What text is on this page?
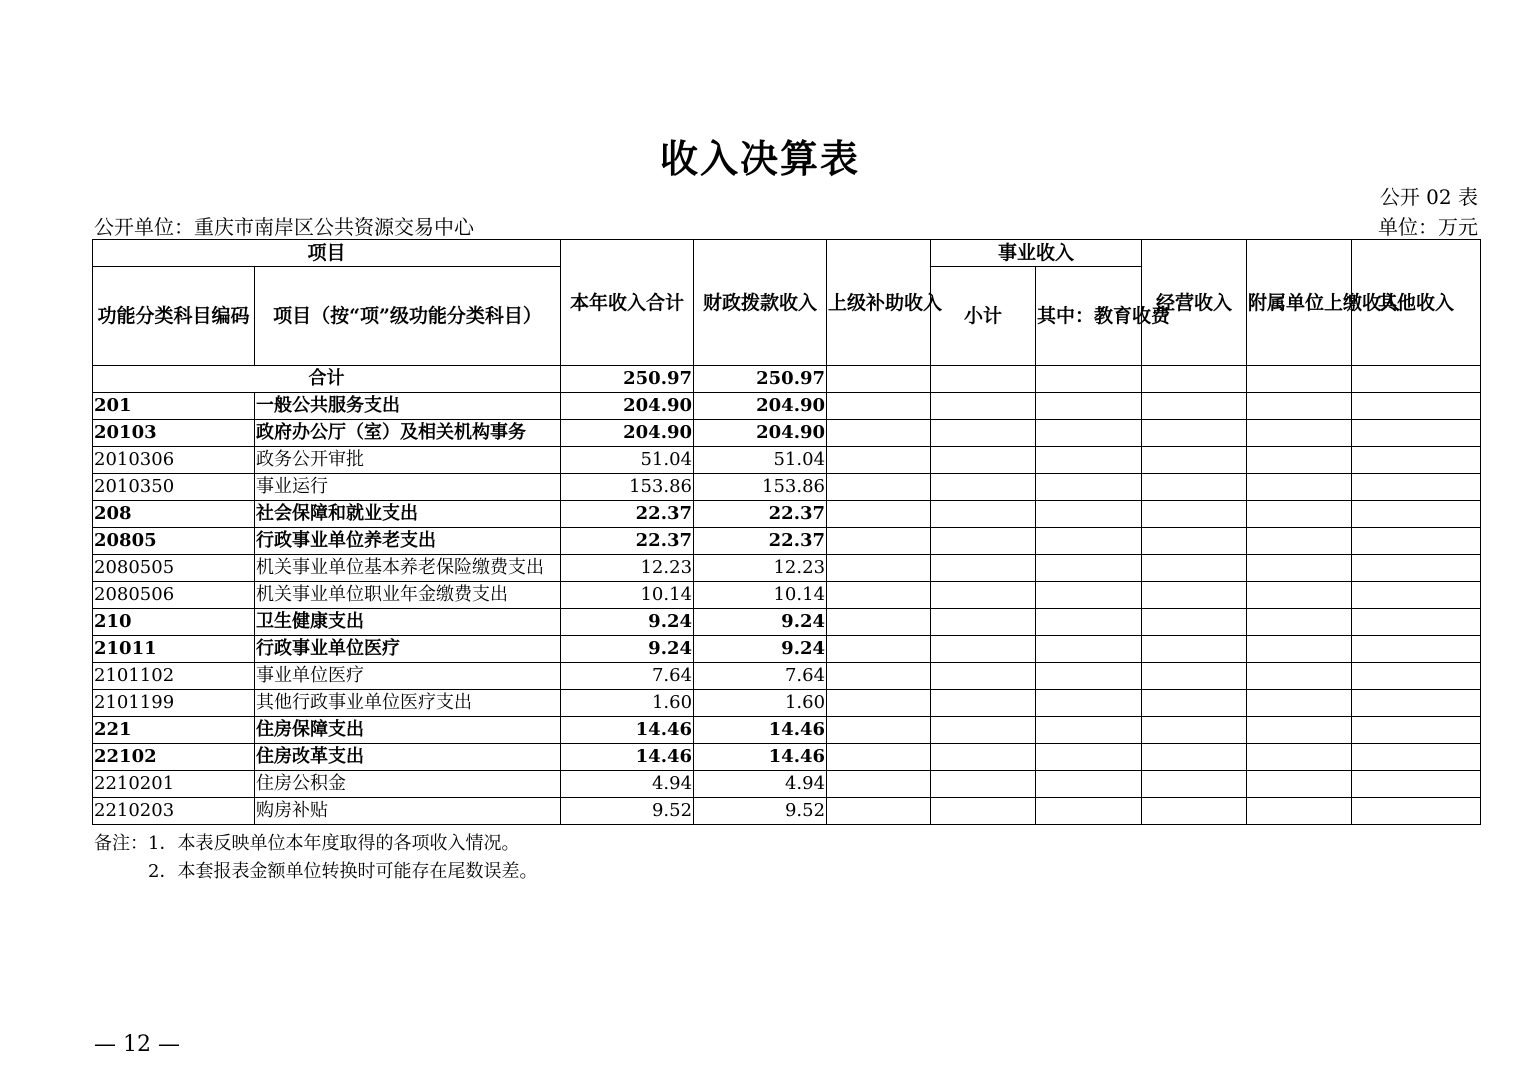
收入决算表
公开 02 表
公开单位：重庆市南岸区公共资源交易中心	单位：万元
项目		本年收入合计	财政拨款收入	上级补助收入	事业收入		经营收入	附属单位上缴收入	其他收入
功能分类科目编码	项目（按“项”级功能分类科目）				小计	其中：教育收费			
合计		250.97	250.97						
201	一般公共服务支出	204.90	204.90						
20103	政府办公厅（室）及相关机构事务	204.90	204.90						
2010306	政务公开审批	51.04	51.04						
2010350	事业运行	153.86	153.86						
208	社会保障和就业支出	22.37	22.37						
20805	行政事业单位养老支出	22.37	22.37						
2080505	机关事业单位基本养老保险缴费支出	12.23	12.23						
2080506	机关事业单位职业年金缴费支出	10.14	10.14						
210	卫生健康支出	9.24	9.24						
21011	行政事业单位医疗	9.24	9.24						
2101102	事业单位医疗	7.64	7.64						
2101199	其他行政事业单位医疗支出	1.60	1.60						
221	住房保障支出	14.46	14.46						
22102	住房改革支出	14.46	14.46						
2210201	住房公积金	4.94	4.94						
2210203	购房补贴	9.52	9.52						
备注：1．本表反映单位本年度取得的各项收入情况。
2．本套报表金额单位转换时可能存在尾数误差。
— 12 —
